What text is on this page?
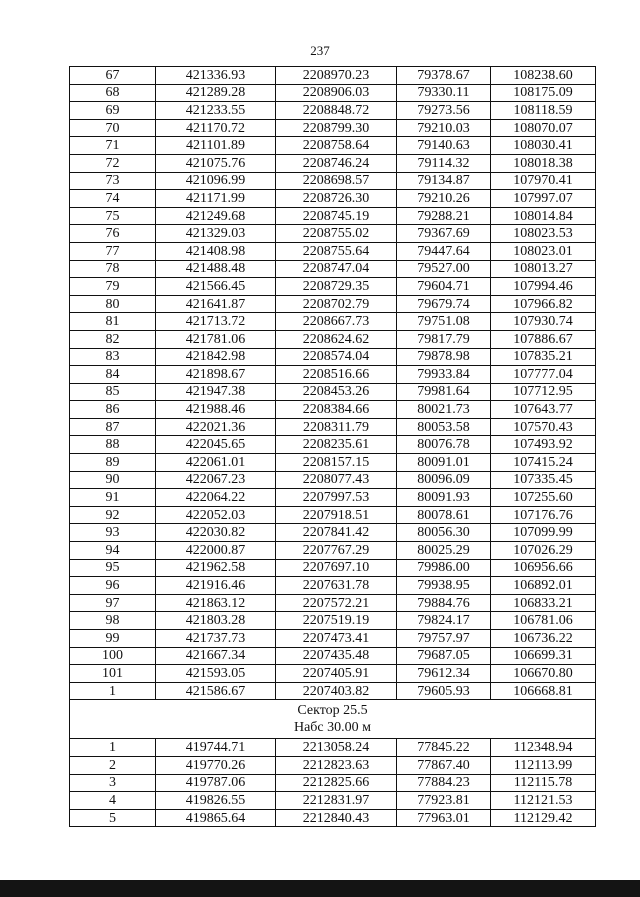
237
67	421336.93	2208970.23	79378.67	108238.60
68	421289.28	2208906.03	79330.11	108175.09
69	421233.55	2208848.72	79273.56	108118.59
70	421170.72	2208799.30	79210.03	108070.07
71	421101.89	2208758.64	79140.63	108030.41
72	421075.76	2208746.24	79114.32	108018.38
73	421096.99	2208698.57	79134.87	107970.41
74	421171.99	2208726.30	79210.26	107997.07
75	421249.68	2208745.19	79288.21	108014.84
76	421329.03	2208755.02	79367.69	108023.53
77	421408.98	2208755.64	79447.64	108023.01
78	421488.48	2208747.04	79527.00	108013.27
79	421566.45	2208729.35	79604.71	107994.46
80	421641.87	2208702.79	79679.74	107966.82
81	421713.72	2208667.73	79751.08	107930.74
82	421781.06	2208624.62	79817.79	107886.67
83	421842.98	2208574.04	79878.98	107835.21
84	421898.67	2208516.66	79933.84	107777.04
85	421947.38	2208453.26	79981.64	107712.95
86	421988.46	2208384.66	80021.73	107643.77
87	422021.36	2208311.79	80053.58	107570.43
88	422045.65	2208235.61	80076.78	107493.92
89	422061.01	2208157.15	80091.01	107415.24
90	422067.23	2208077.43	80096.09	107335.45
91	422064.22	2207997.53	80091.93	107255.60
92	422052.03	2207918.51	80078.61	107176.76
93	422030.82	2207841.42	80056.30	107099.99
94	422000.87	2207767.29	80025.29	107026.29
95	421962.58	2207697.10	79986.00	106956.66
96	421916.46	2207631.78	79938.95	106892.01
97	421863.12	2207572.21	79884.76	106833.21
98	421803.28	2207519.19	79824.17	106781.06
99	421737.73	2207473.41	79757.97	106736.22
100	421667.34	2207435.48	79687.05	106699.31
101	421593.05	2207405.91	79612.34	106670.80
1	421586.67	2207403.82	79605.93	106668.81

Сектор 25.5
Набс 30.00 м				

1	419744.71	2213058.24	77845.22	112348.94
2	419770.26	2212823.63	77867.40	112113.99
3	419787.06	2212825.66	77884.23	112115.78
4	419826.55	2212831.97	77923.81	112121.53
5	419865.64	2212840.43	77963.01	112129.42
